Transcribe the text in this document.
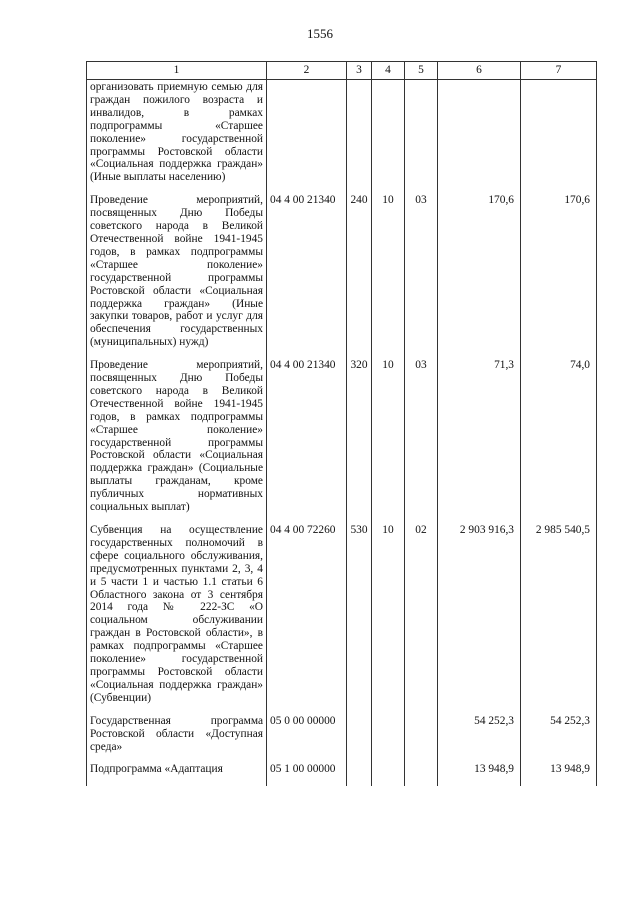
1556
1	2	3	4	5	6	7
организовать приемную семью для граждан пожилого возраста и инвалидов, в рамках подпрограммы «Старшее поколение» государственной программы Ростовской области «Социальная поддержка граждан» (Иные выплаты населению)						
Проведение мероприятий, посвященных Дню Победы советского народа в Великой Отечественной войне 1941-1945 годов, в рамках подпрограммы «Старшее поколение» государственной программы Ростовской области «Социальная поддержка граждан» (Иные закупки товаров, работ и услуг для обеспечения государственных (муниципальных) нужд)	04 4 00 21340	240	10	03	170,6	170,6
Проведение мероприятий, посвященных Дню Победы советского народа в Великой Отечественной войне 1941-1945 годов, в рамках подпрограммы «Старшее поколение» государственной программы Ростовской области «Социальная поддержка граждан» (Социальные выплаты гражданам, кроме публичных нормативных социальных выплат)	04 4 00 21340	320	10	03	71,3	74,0
Субвенция на осуществление государственных полномочий в сфере социального обслуживания, предусмотренных пунктами 2, 3, 4 и 5 части 1 и частью 1.1 статьи 6 Областного закона от 3 сентября 2014 года № 222-ЗС «О социальном обслуживании граждан в Ростовской области», в рамках подпрограммы «Старшее поколение» государственной программы Ростовской области «Социальная поддержка граждан» (Субвенции)	04 4 00 72260	530	10	02	2 903 916,3	2 985 540,5
Государственная программа Ростовской области «Доступная среда»	05 0 00 00000				54 252,3	54 252,3
Подпрограмма «Адаптация	05 1 00 00000				13 948,9	13 948,9
